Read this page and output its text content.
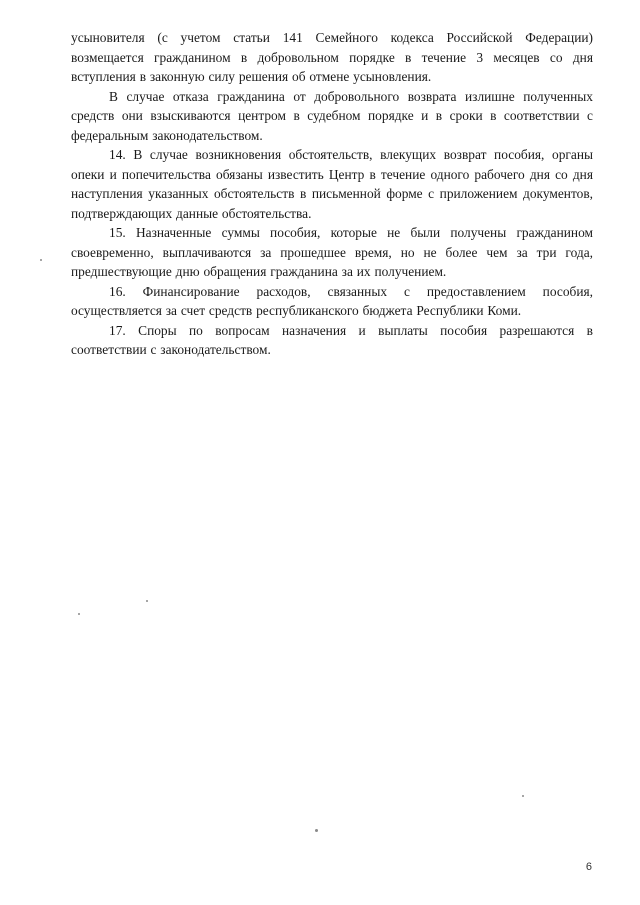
усыновителя (с учетом статьи 141 Семейного кодекса Российской Федерации) возмещается гражданином в добровольном порядке в течение 3 месяцев со дня вступления в законную силу решения об отмене усыновления.

В случае отказа гражданина от добровольного возврата излишне полученных средств они взыскиваются центром в судебном порядке и в сроки в соответствии с федеральным законодательством.

14. В случае возникновения обстоятельств, влекущих возврат пособия, органы опеки и попечительства обязаны известить Центр в течение одного рабочего дня со дня наступления указанных обстоятельств в письменной форме с приложением документов, подтверждающих данные обстоятельства.

15. Назначенные суммы пособия, которые не были получены гражданином своевременно, выплачиваются за прошедшее время, но не более чем за три года, предшествующие дню обращения гражданина за их получением.

16. Финансирование расходов, связанных с предоставлением пособия, осуществляется за счет средств республиканского бюджета Республики Коми.

17. Споры по вопросам назначения и выплаты пособия разрешаются в соответствии с законодательством.

6
